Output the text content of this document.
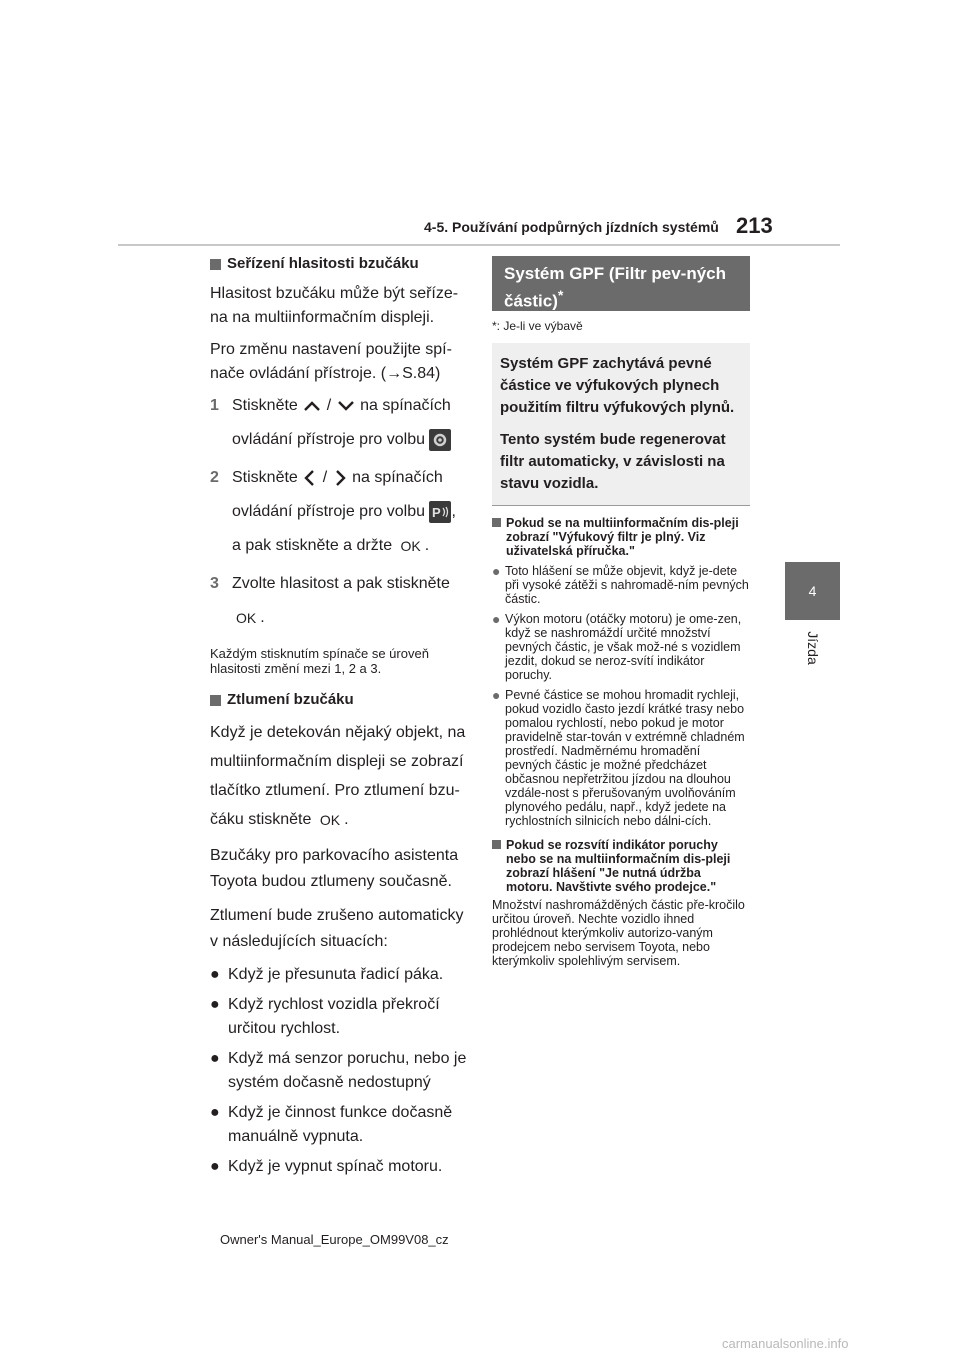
4-5. Používání podpůrných jízdních systémů 213
4
Jízda
Seřízení hlasitosti bzučáku

Hlasitost bzučáku může být seříze-na na multiinformačním displeji.

Pro změnu nastavení použijte spí-nače ovládání přístroje. (→S.84)

1 Stiskněte / na spínačích
ovládání přístroje pro volbu
2 Stiskněte / na spínačích
ovládání přístroje pro volbu P ,
a pak stiskněte a držte OK .
3 Zvolte hlasitost a pak stiskněte
OK .

Každým stisknutím spínače se úroveň hlasitosti změní mezi 1, 2 a 3.

Ztlumení bzučáku

Když je detekován nějaký objekt, na multiinformačním displeji se zobrazí tlačítko ztlumení. Pro ztlumení bzu-čáku stiskněte OK .

Bzučáky pro parkovacího asistenta Toyota budou ztlumeny současně.

Ztlumení bude zrušeno automaticky v následujících situacích:

● Když je přesunuta řadicí páka.
● Když rychlost vozidla překročí určitou rychlost.
● Když má senzor poruchu, nebo je systém dočasně nedostupný
● Když je činnost funkce dočasně manuálně vypnuta.
● Když je vypnut spínač motoru.
Systém GPF (Filtr pev-ných částic)*
*: Je-li ve výbavě

Systém GPF zachytává pevné částice ve výfukových plynech použitím filtru výfukových plynů.

Tento systém bude regenerovat filtr automaticky, v závislosti na stavu vozidla.

Pokud se na multiinformačním dis-pleji zobrazí "Výfukový filtr je plný. Viz uživatelská příručka."
● Toto hlášení se může objevit, když je-dete při vysoké zátěži s nahromadě-ním pevných částic.
● Výkon motoru (otáčky motoru) je ome-zen, když se nashromáždí určité množství pevných částic, je však mož-né s vozidlem jezdit, dokud se neroz-svítí indikátor poruchy.
● Pevné částice se mohou hromadit rychleji, pokud vozidlo často jezdí krátké trasy nebo pomalou rychlostí, nebo pokud je motor pravidelně star-tován v extrémně chladném prostředí. Nadměrnému hromadění pevných částic je možné předcházet občasnou nepřetržitou jízdou na dlouhou vzdále-nost s přerušovaným uvolňováním plynového pedálu, např., když jedete na rychlostních silnicích nebo dálni-cích.
Pokud se rozsvítí indikátor poruchy nebo se na multiinformačním dis-pleji zobrazí hlášení "Je nutná údržba motoru. Navštivte svého prodejce."

Množství nashromážděných částic pře-kročilo určitou úroveň. Nechte vozidlo ihned prohlédnout kterýmkoliv autorizo-vaným prodejcem nebo servisem Toyota, nebo kterýmkoliv spolehlivým servisem.

Owner's Manual_Europe_OM99V08_cz
carmanualsonline.info
